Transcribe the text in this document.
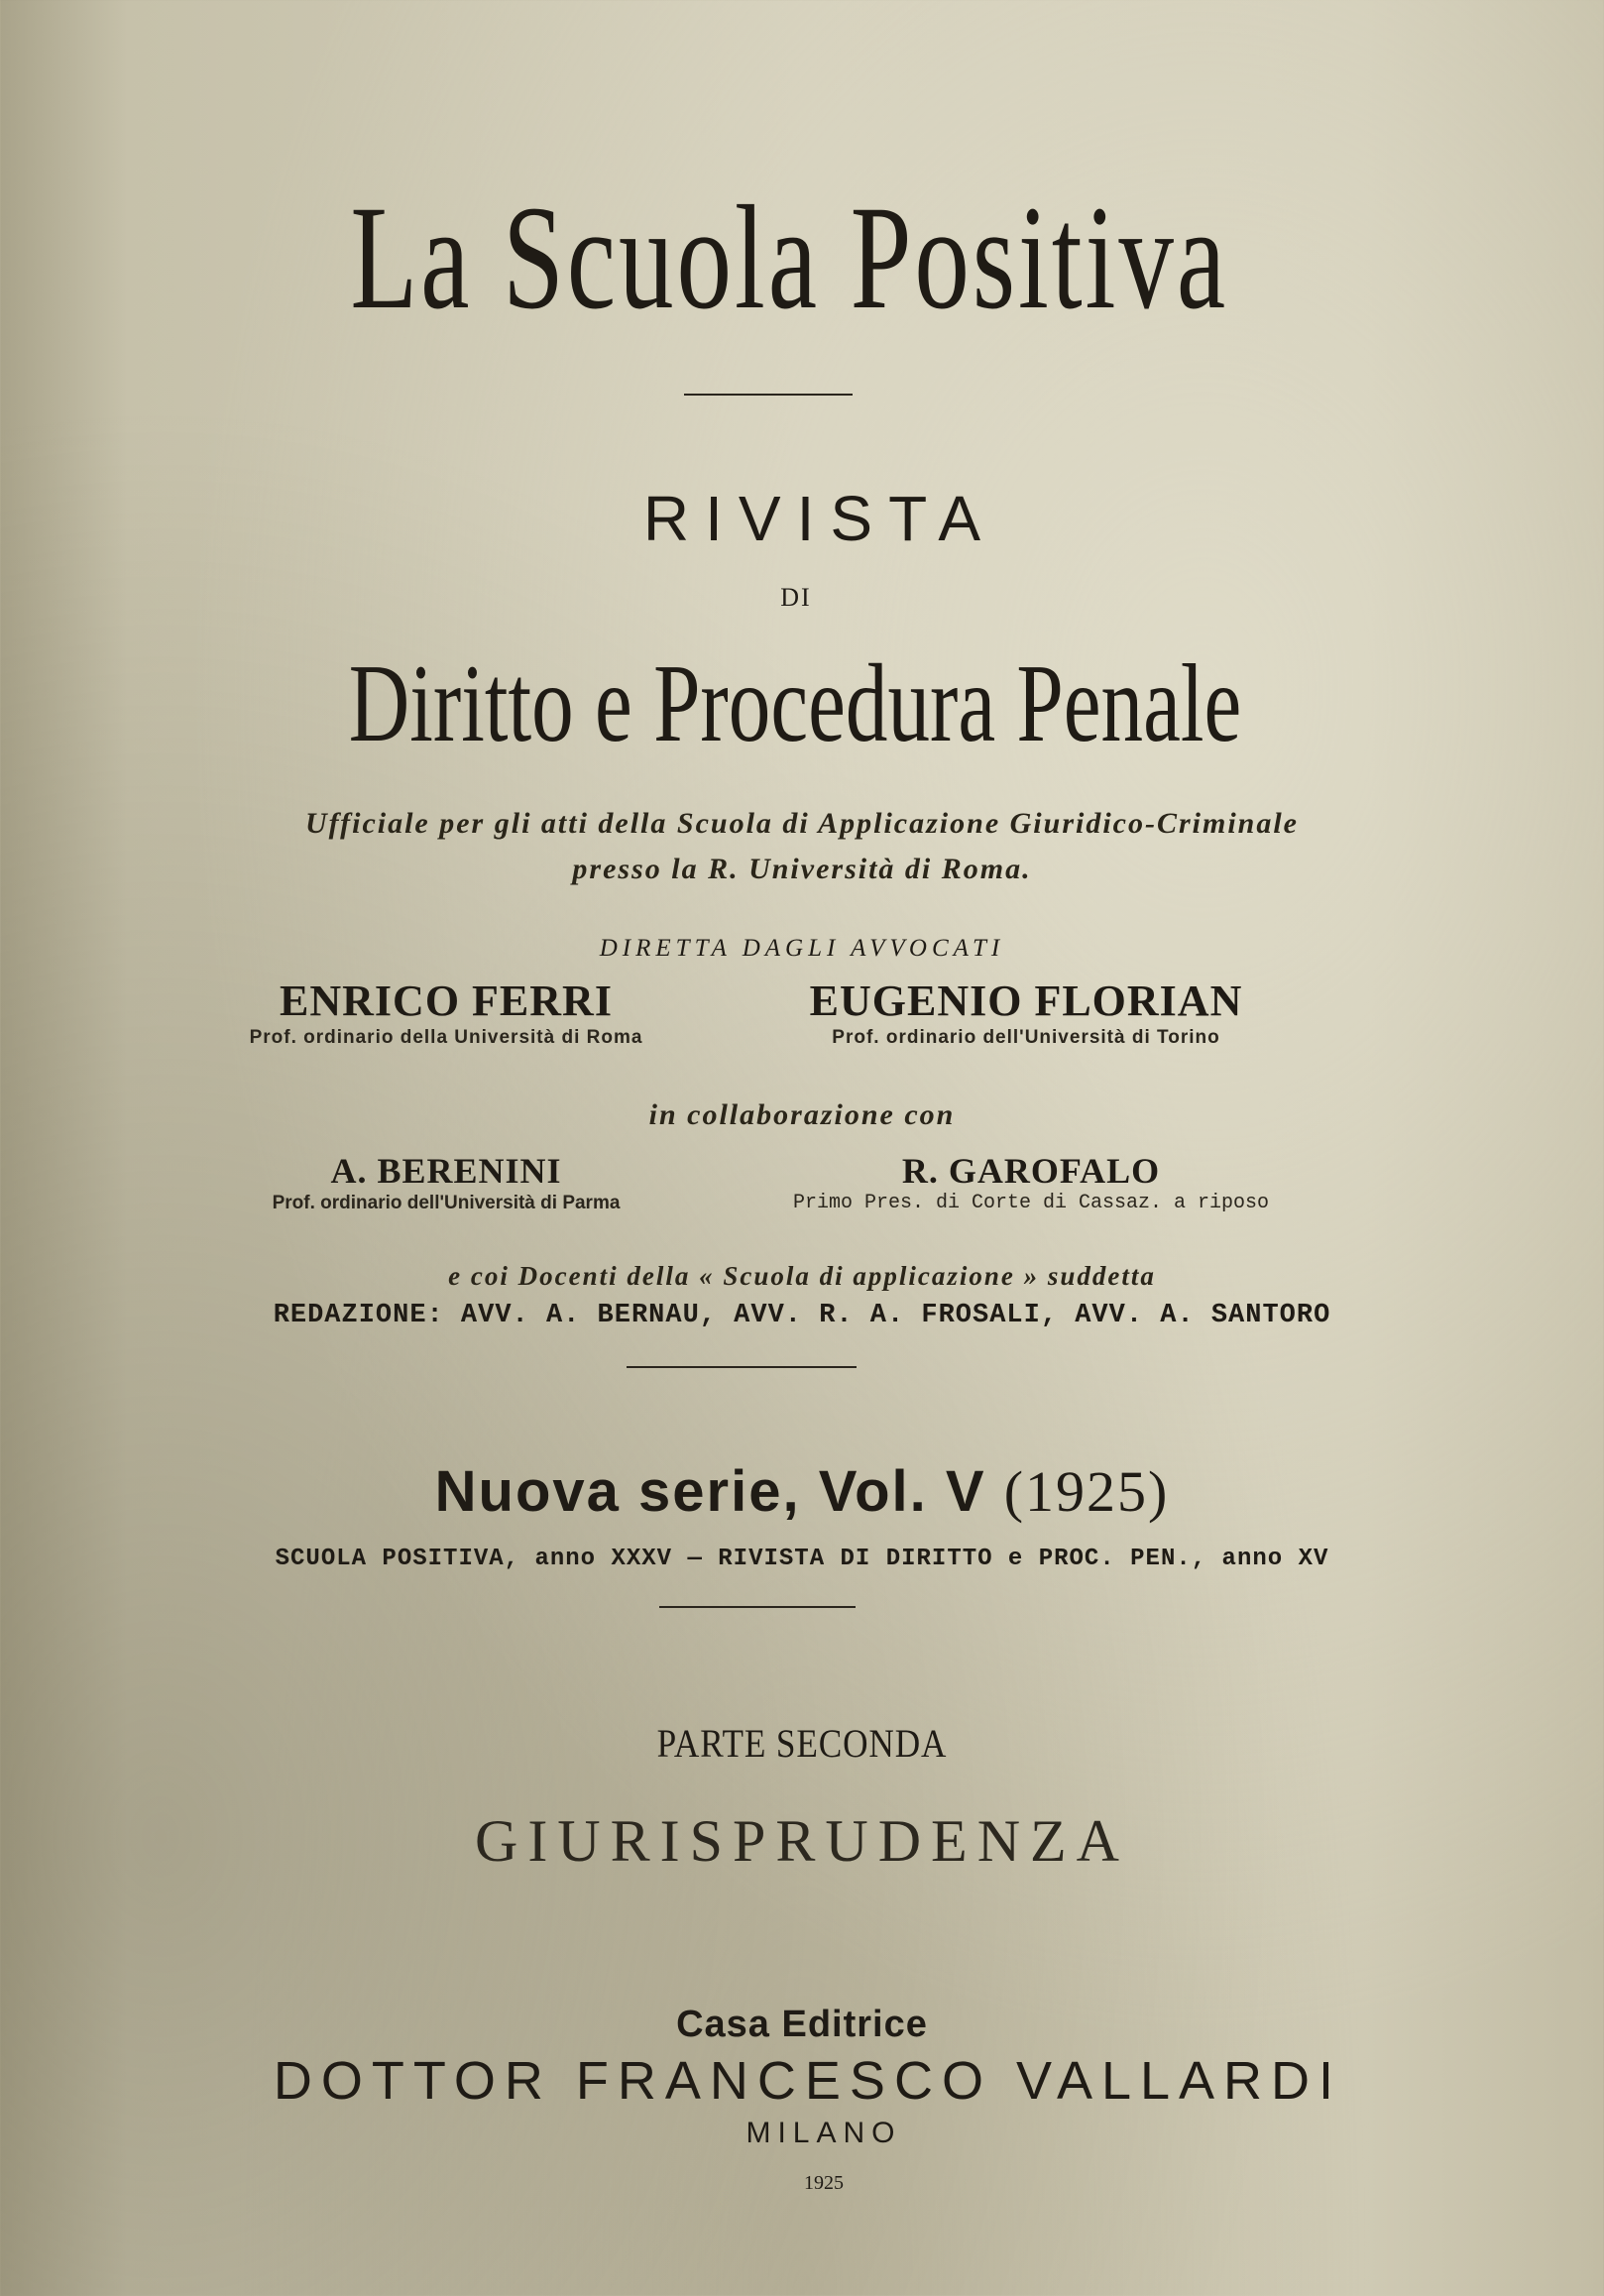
La Scuola Positiva
RIVISTA
DI
Diritto e Procedura Penale
Ufficiale per gli atti della Scuola di Applicazione Giuridico-Criminale
presso la R. Università di Roma.
DIRETTA DAGLI AVVOCATI
ENRICO FERRI
Prof. ordinario della Università di Roma
EUGENIO FLORIAN
Prof. ordinario dell'Università di Torino
in collaborazione con
A. BERENINI
Prof. ordinario dell'Università di Parma
R. GAROFALO
Primo Pres. di Corte di Cassaz. a riposo
e coi Docenti della « Scuola di applicazione » suddetta
REDAZIONE: AVV. A. BERNAU, AVV. R. A. FROSALI, AVV. A. SANTORO
Nuova serie, Vol. V (1925)
SCUOLA POSITIVA, anno XXXV — RIVISTA DI DIRITTO e PROC. PEN., anno XV
PARTE SECONDA
GIURISPRUDENZA
Casa Editrice
DOTTOR FRANCESCO VALLARDI
MILANO
1925
